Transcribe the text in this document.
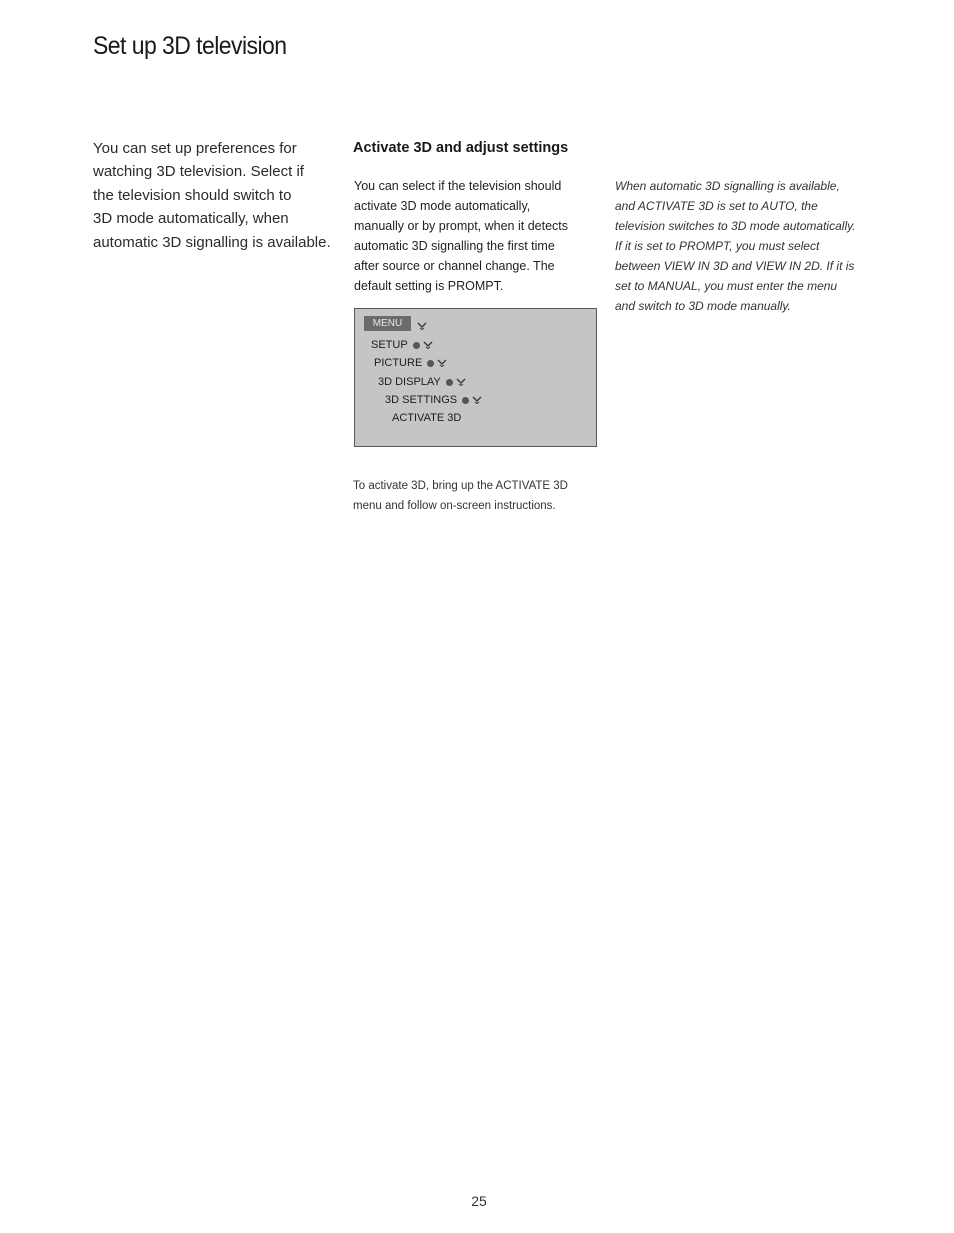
Set up 3D television

You can set up preferences for
watching 3D television. Select if
the television should switch to
3D mode automatically, when
automatic 3D signalling is available.

Activate 3D and adjust settings

You can select if the television should
activate 3D mode automatically,
manually or by prompt, when it detects
automatic 3D signalling the first time
after source or channel change. The
default setting is PROMPT.

When automatic 3D signalling is available,
and ACTIVATE 3D is set to AUTO, the
television switches to 3D mode automatically.
If it is set to PROMPT, you must select
between VIEW IN 3D and VIEW IN 2D. If it is
set to MANUAL, you must enter the menu
and switch to 3D mode manually.

MENU
SETUP
PICTURE
3D DISPLAY
3D SETTINGS
ACTIVATE 3D

To activate 3D, bring up the ACTIVATE 3D
menu and follow on-screen instructions.

25
